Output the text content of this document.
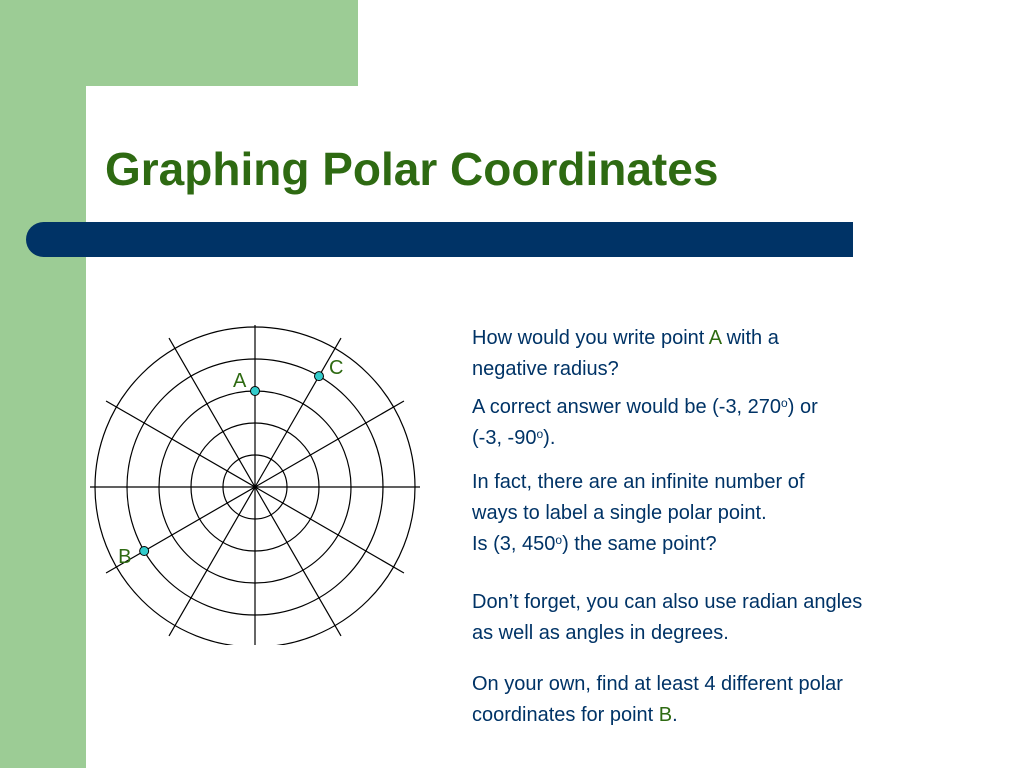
Graphing Polar Coordinates
A
B
C

How would you write point A with a

negative radius?

A correct answer would be (-3, 270$^o$) or

(-3, -90$^o$).

In fact, there are an infinite number of

ways to label a single polar point.

Is (3, 450$^o$) the same point?

Don’t forget, you can also use radian angles

as well as angles in degrees.

On your own, find at least 4 different polar

coordinates for point B.
